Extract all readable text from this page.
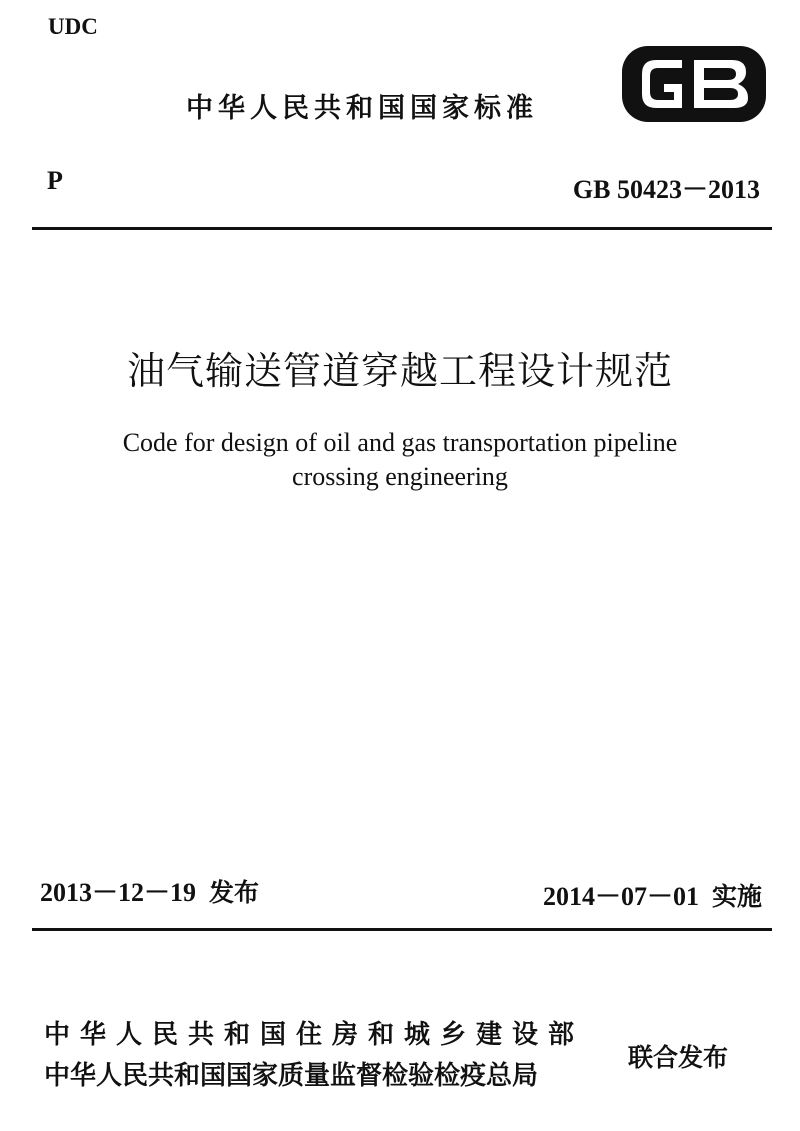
UDC
中华人民共和国国家标准
P	GB 50423－2013
油气输送管道穿越工程设计规范
Code for design of oil and gas transportation pipeline
crossing engineering
2013－12－19 发布	2014－07－01 实施
中华人民共和国住房和城乡建设部
中华人民共和国国家质量监督检验检疫总局
联合发布
